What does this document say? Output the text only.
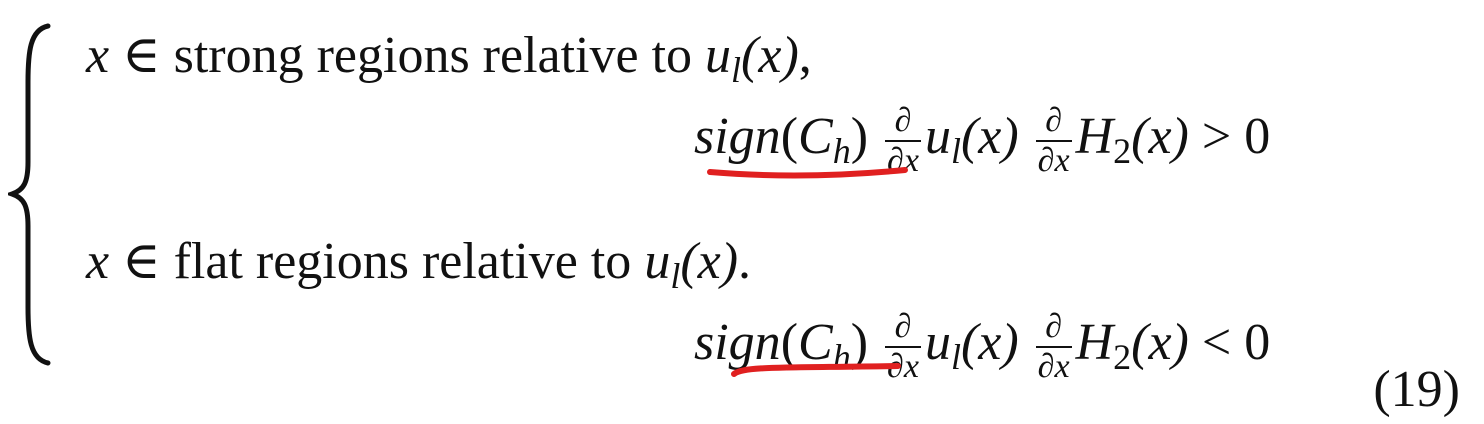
x ∈ strong regions relative to $u_l(x)$,
$sign(C_h) \frac{\partial}{\partial x} u_l(x) \frac{\partial}{\partial x} H_2(x) > 0$
x ∈ flat regions relative to $u_l(x)$.
$sign(C_h) \frac{\partial}{\partial x} u_l(x) \frac{\partial}{\partial x} H_2(x) < 0$
(19)
